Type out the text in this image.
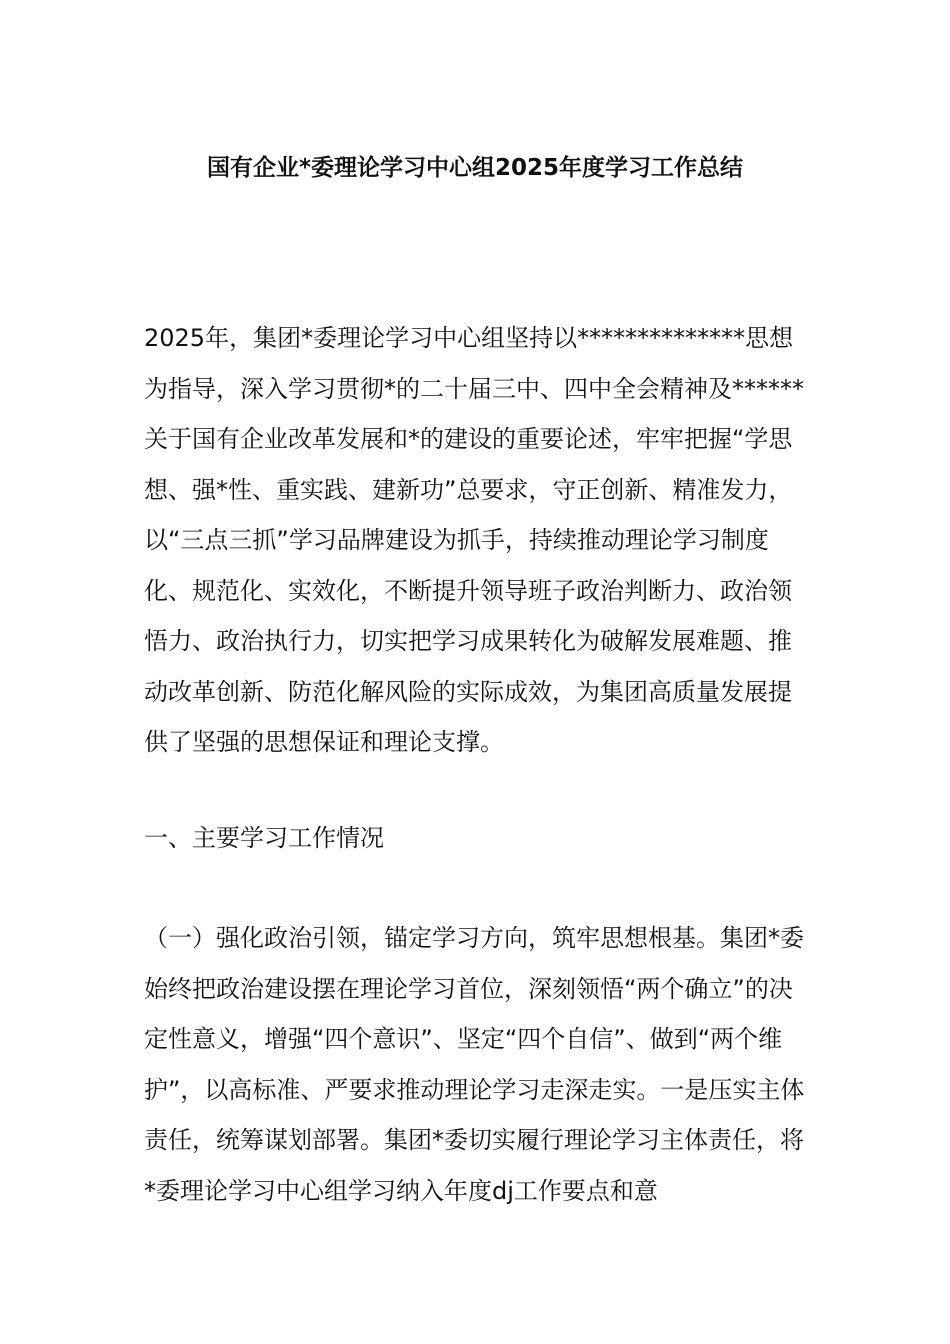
国有企业*委理论学习中心组2025年度学习工作总结

2025年，集团*委理论学习中心组坚持以**************思想为指导，深入学习贯彻*的二十届三中、四中全会精神及******关于国有企业改革发展和*的建设的重要论述，牢牢把握“学思想、强*性、重实践、建新功”总要求，守正创新、精准发力，以“三点三抓”学习品牌建设为抓手，持续推动理论学习制度化、规范化、实效化，不断提升领导班子政治判断力、政治领悟力、政治执行力，切实把学习成果转化为破解发展难题、推动改革创新、防范化解风险的实际成效，为集团高质量发展提供了坚强的思想保证和理论支撑。

一、主要学习工作情况

（一）强化政治引领，锚定学习方向，筑牢思想根基。集团*委始终把政治建设摆在理论学习首位，深刻领悟“两个确立”的决定性意义，增强“四个意识”、坚定“四个自信”、做到“两个维护”，以高标准、严要求推动理论学习走深走实。一是压实主体责任，统筹谋划部署。集团*委切实履行理论学习主体责任，将*委理论学习中心组学习纳入年度dj工作要点和意
